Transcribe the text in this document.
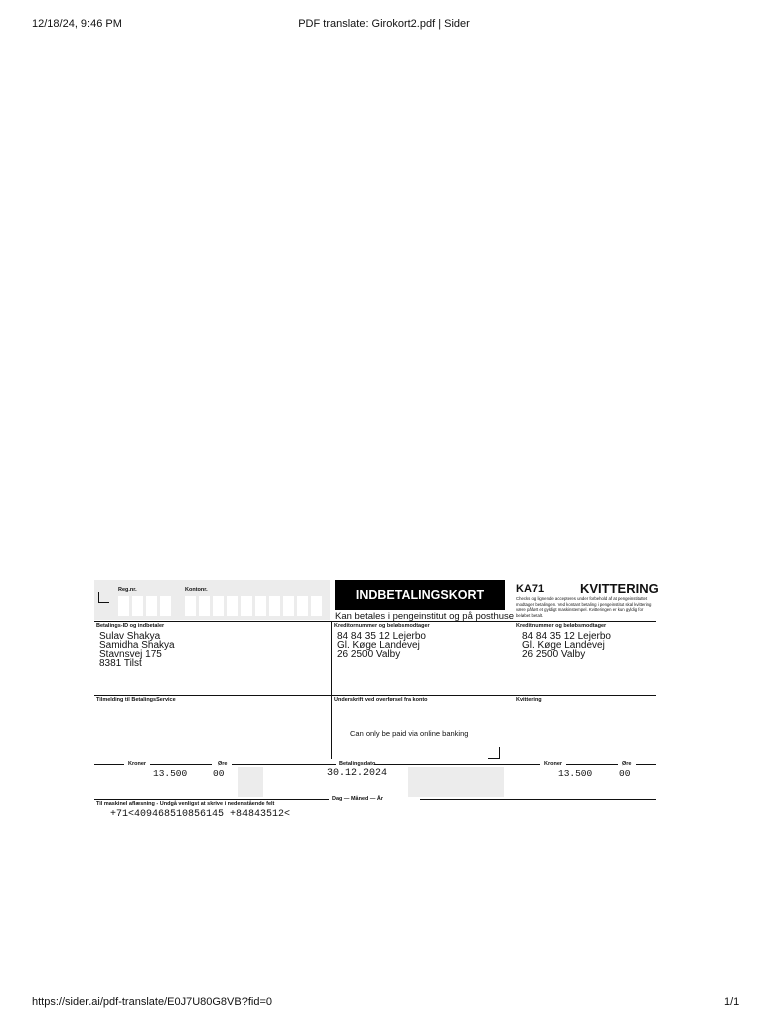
12/18/24, 9:46 PM	PDF translate: Girokort2.pdf | Sider
https://sider.ai/pdf-translate/E0J7U80G8VB?fid=0	1/1
Reg.nr.	Kontonr.	INDBETALINGSKORT
Kan betales i pengeinstitut og på posthuse
KA71	KVITTERING
Checks og lignende accepteres under forbehold af at pengeinstituttet modtager betalingen. Ved kontant betaling i pengeinstitut skal kvittering være påført et gyldigt maskinstempel. Kvitteringen er kun gyldig for beløbet betalt.
Betalings-ID og indbetaler
Sulav Shakya
Samidha Shakya
Stavnsvej 175
8381 Tilst
Kreditornummer og beløbsmodtager
84 84 35 12 Lejerbo
Gl. Køge Landevej
26 2500 Valby
Kreditnummer og beløbsmodtager
84 84 35 12 Lejerbo
Gl. Køge Landevej
26 2500 Valby
Tilmelding til BetalingsService	Underskrift ved overførsel fra konto	Kvittering
Can only be paid via online banking
Kroner	Øre	Betalingsdato	Kroner	Øre
13.500	00	30.12.2024	13.500	00
Dag — Måned — År
Til maskinel aflæsning - Undgå venligst at skrive i nedenstående felt
+71<409468510856145 +84843512<
